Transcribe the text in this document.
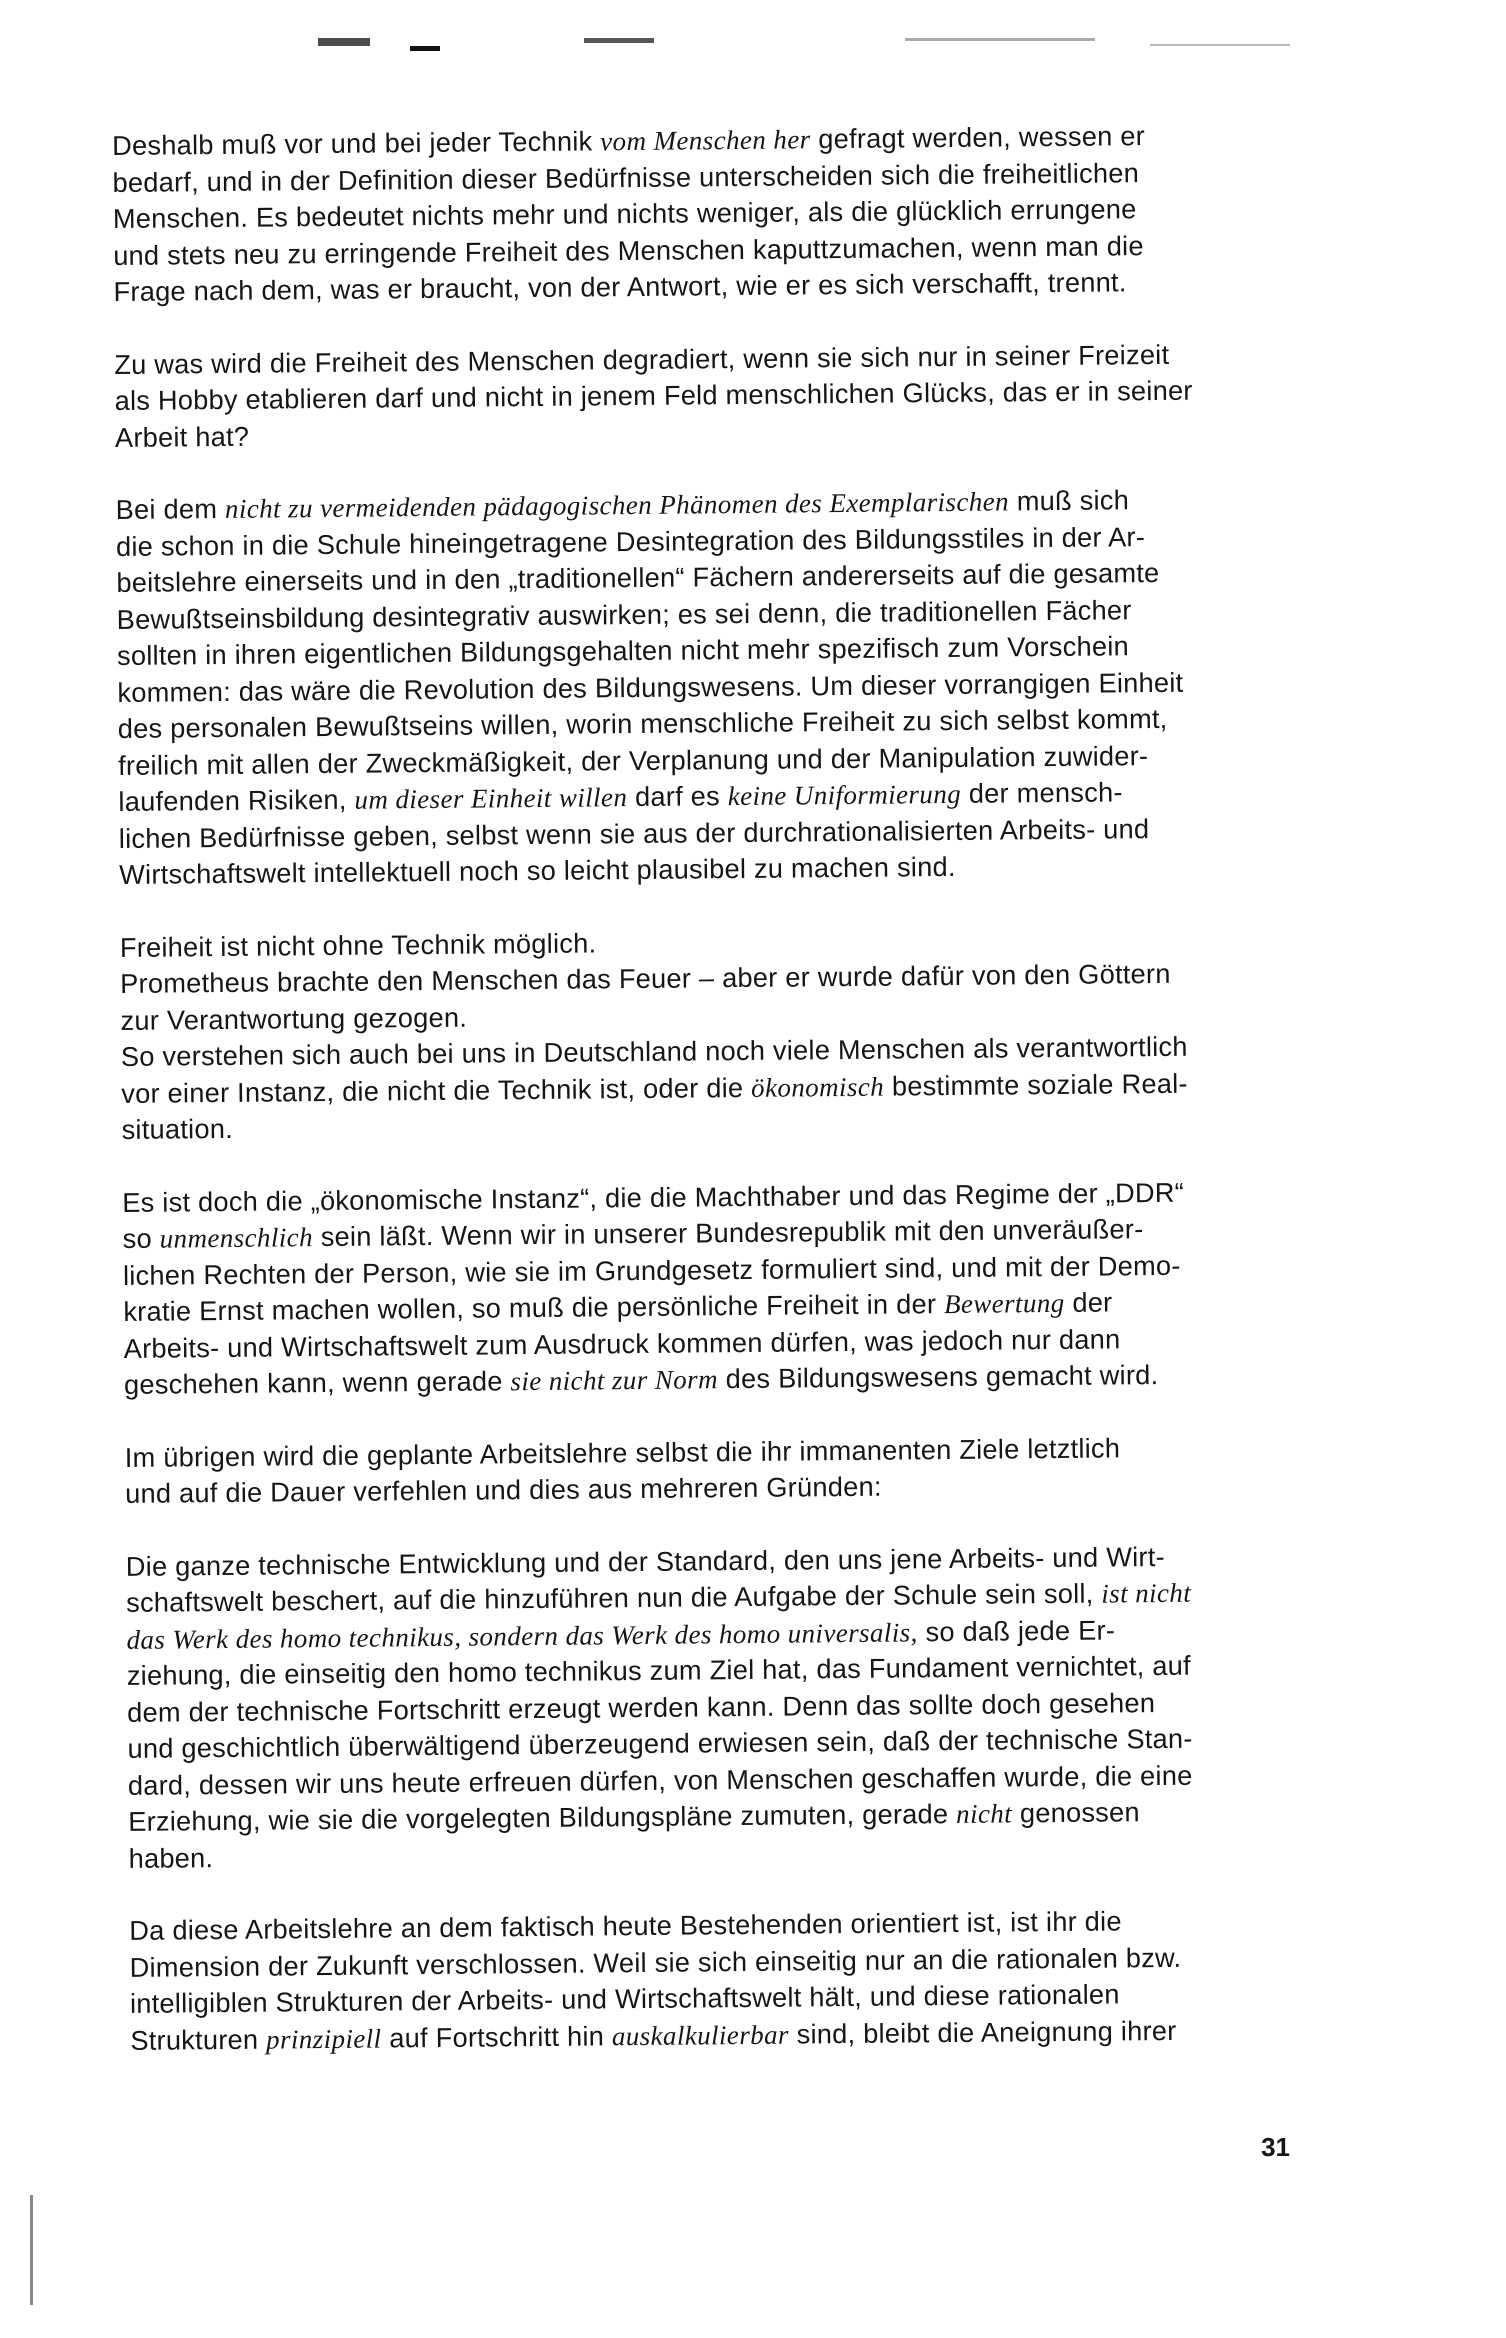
Deshalb muß vor und bei jeder Technik vom Menschen her gefragt werden, wessen er
bedarf, und in der Definition dieser Bedürfnisse unterscheiden sich die freiheitlichen
Menschen. Es bedeutet nichts mehr und nichts weniger, als die glücklich errungene
und stets neu zu erringende Freiheit des Menschen kaputtzumachen, wenn man die
Frage nach dem, was er braucht, von der Antwort, wie er es sich verschafft, trennt.
Zu was wird die Freiheit des Menschen degradiert, wenn sie sich nur in seiner Freizeit
als Hobby etablieren darf und nicht in jenem Feld menschlichen Glücks, das er in seiner
Arbeit hat?
Bei dem nicht zu vermeidenden pädagogischen Phänomen des Exemplarischen muß sich
die schon in die Schule hineingetragene Desintegration des Bildungsstiles in der Ar-
beitslehre einerseits und in den „traditionellen“ Fächern andererseits auf die gesamte
Bewußtseinsbildung desintegrativ auswirken; es sei denn, die traditionellen Fächer
sollten in ihren eigentlichen Bildungsgehalten nicht mehr spezifisch zum Vorschein
kommen: das wäre die Revolution des Bildungswesens. Um dieser vorrangigen Einheit
des personalen Bewußtseins willen, worin menschliche Freiheit zu sich selbst kommt,
freilich mit allen der Zweckmäßigkeit, der Verplanung und der Manipulation zuwider-
laufenden Risiken, um dieser Einheit willen darf es keine Uniformierung der mensch-
lichen Bedürfnisse geben, selbst wenn sie aus der durchrationalisierten Arbeits- und
Wirtschaftswelt intellektuell noch so leicht plausibel zu machen sind.
Freiheit ist nicht ohne Technik möglich.
Prometheus brachte den Menschen das Feuer – aber er wurde dafür von den Göttern
zur Verantwortung gezogen.
So verstehen sich auch bei uns in Deutschland noch viele Menschen als verantwortlich
vor einer Instanz, die nicht die Technik ist, oder die ökonomisch bestimmte soziale Real-
situation.
Es ist doch die „ökonomische Instanz“, die die Machthaber und das Regime der „DDR“
so unmenschlich sein läßt. Wenn wir in unserer Bundesrepublik mit den unveräußer-
lichen Rechten der Person, wie sie im Grundgesetz formuliert sind, und mit der Demo-
kratie Ernst machen wollen, so muß die persönliche Freiheit in der Bewertung der
Arbeits- und Wirtschaftswelt zum Ausdruck kommen dürfen, was jedoch nur dann
geschehen kann, wenn gerade sie nicht zur Norm des Bildungswesens gemacht wird.
Im übrigen wird die geplante Arbeitslehre selbst die ihr immanenten Ziele letztlich
und auf die Dauer verfehlen und dies aus mehreren Gründen:
Die ganze technische Entwicklung und der Standard, den uns jene Arbeits- und Wirt-
schaftswelt beschert, auf die hinzuführen nun die Aufgabe der Schule sein soll, ist nicht
das Werk des homo technikus, sondern das Werk des homo universalis, so daß jede Er-
ziehung, die einseitig den homo technikus zum Ziel hat, das Fundament vernichtet, auf
dem der technische Fortschritt erzeugt werden kann. Denn das sollte doch gesehen
und geschichtlich überwältigend überzeugend erwiesen sein, daß der technische Stan-
dard, dessen wir uns heute erfreuen dürfen, von Menschen geschaffen wurde, die eine
Erziehung, wie sie die vorgelegten Bildungspläne zumuten, gerade nicht genossen
haben.
Da diese Arbeitslehre an dem faktisch heute Bestehenden orientiert ist, ist ihr die
Dimension der Zukunft verschlossen. Weil sie sich einseitig nur an die rationalen bzw.
intelligiblen Strukturen der Arbeits- und Wirtschaftswelt hält, und diese rationalen
Strukturen prinzipiell auf Fortschritt hin auskalkulierbar sind, bleibt die Aneignung ihrer
31
